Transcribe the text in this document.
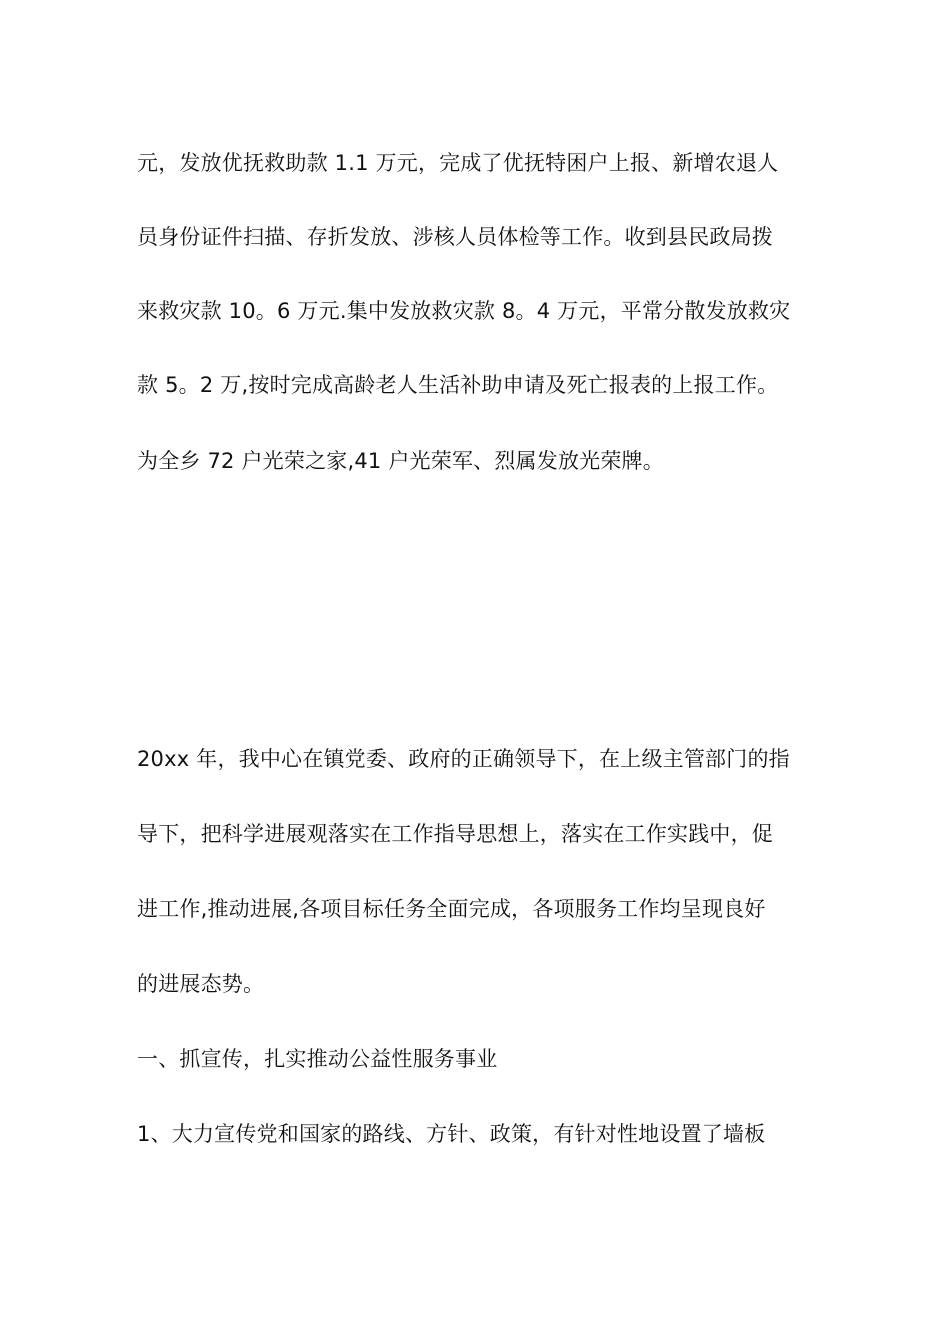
元，发放优抚救助款 1.1 万元，完成了优抚特困户上报、新增农退人
员身份证件扫描、存折发放、涉核人员体检等工作。收到县民政局拨
来救灾款 10。6 万元.集中发放救灾款 8。4 万元，平常分散发放救灾
款 5。2 万,按时完成高龄老人生活补助申请及死亡报表的上报工作。
为全乡 72 户光荣之家,41 户光荣军、烈属发放光荣牌。
20xx 年，我中心在镇党委、政府的正确领导下，在上级主管部门的指
导下，把科学进展观落实在工作指导思想上，落实在工作实践中，促
进工作,推动进展,各项目标任务全面完成，各项服务工作均呈现良好
的进展态势。
一、抓宣传，扎实推动公益性服务事业
1、大力宣传党和国家的路线、方针、政策，有针对性地设置了墙板
